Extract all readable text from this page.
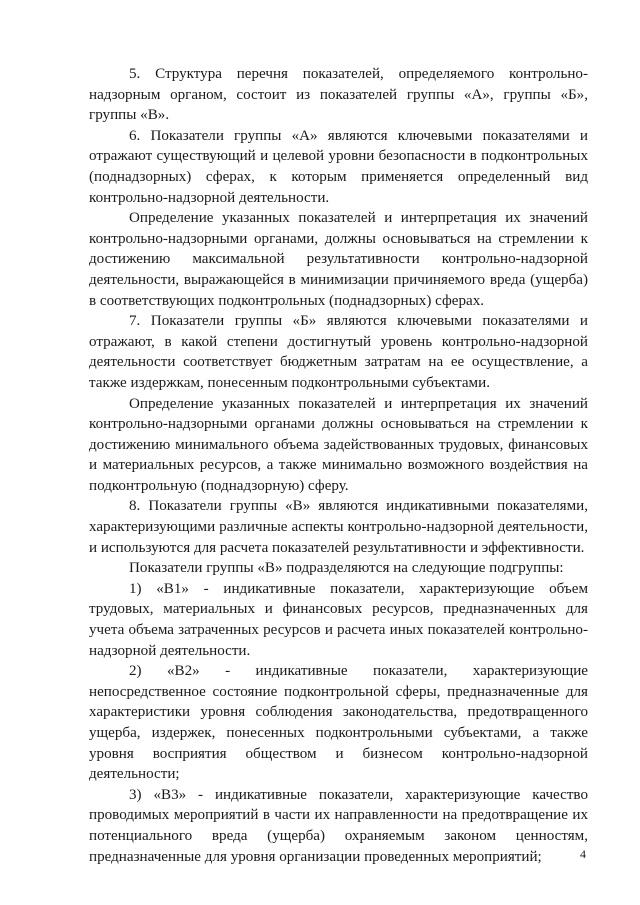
5. Структура перечня показателей, определяемого контрольно-надзорным органом, состоит из показателей группы «А», группы «Б», группы «В».

6. Показатели группы «А» являются ключевыми показателями и отражают существующий и целевой уровни безопасности в подконтрольных (поднадзорных) сферах, к которым применяется определенный вид контрольно-надзорной деятельности.

Определение указанных показателей и интерпретация их значений контрольно-надзорными органами, должны основываться на стремлении к достижению максимальной результативности контрольно-надзорной деятельности, выражающейся в минимизации причиняемого вреда (ущерба) в соответствующих подконтрольных (поднадзорных) сферах.

7. Показатели группы «Б» являются ключевыми показателями и отражают, в какой степени достигнутый уровень контрольно-надзорной деятельности соответствует бюджетным затратам на ее осуществление, а также издержкам, понесенным подконтрольными субъектами.

Определение указанных показателей и интерпретация их значений контрольно-надзорными органами должны основываться на стремлении к достижению минимального объема задействованных трудовых, финансовых и материальных ресурсов, а также минимально возможного воздействия на подконтрольную (поднадзорную) сферу.

8. Показатели группы «В» являются индикативными показателями, характеризующими различные аспекты контрольно-надзорной деятельности, и используются для расчета показателей результативности и эффективности.

Показатели группы «В» подразделяются на следующие подгруппы:

1) «В1» - индикативные показатели, характеризующие объем трудовых, материальных и финансовых ресурсов, предназначенных для учета объема затраченных ресурсов и расчета иных показателей контрольно-надзорной деятельности.

2) «В2» - индикативные показатели, характеризующие непосредственное состояние подконтрольной сферы, предназначенные для характеристики уровня соблюдения законодательства, предотвращенного ущерба, издержек, понесенных подконтрольными субъектами, а также уровня восприятия обществом и бизнесом контрольно-надзорной деятельности;

3) «В3» - индикативные показатели, характеризующие качество проводимых мероприятий в части их направленности на предотвращение их потенциального вреда (ущерба) охраняемым законом ценностям, предназначенные для уровня организации проведенных мероприятий;	4
